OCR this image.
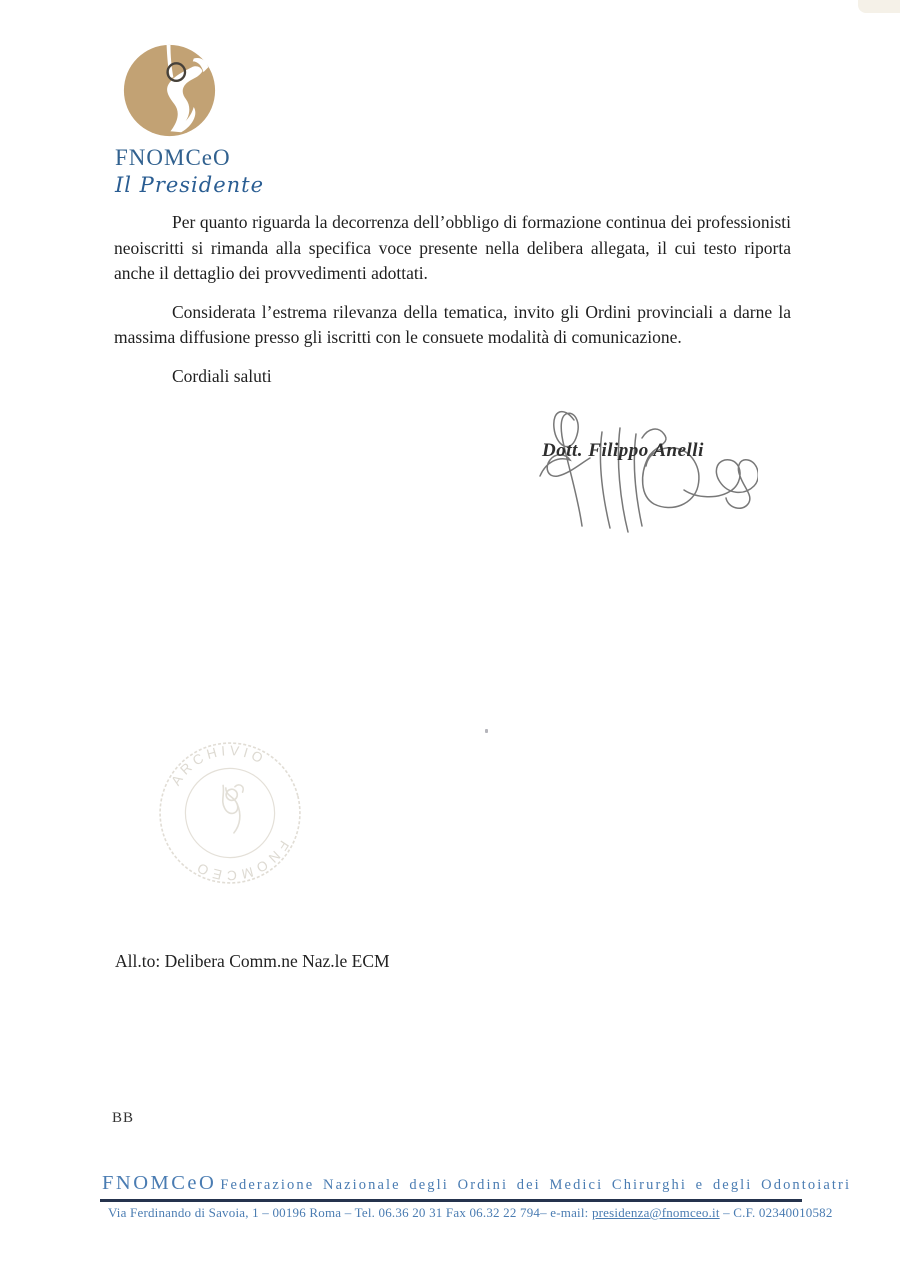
FNOMCeO
Il Presidente

Per quanto riguarda la decorrenza dell’obbligo di formazione continua dei professionisti neoiscritti si rimanda alla specifica voce presente nella delibera allegata, il cui testo riporta anche il dettaglio dei provvedimenti adottati.

Considerata l’estrema rilevanza della tematica, invito gli Ordini provinciali a darne la massima diffusione presso gli iscritti con le consuete modalità di comunicazione.

Cordiali saluti

Dott. Filippo Anelli
ARCHIVIO
FNOMCEO
All.to: Delibera Comm.ne Naz.le ECM
BB
FNOMCeO Federazione Nazionale degli Ordini dei Medici Chirurghi e degli Odontoiatri
Via Ferdinando di Savoia, 1 – 00196 Roma – Tel. 06.36 20 31 Fax 06.32 22 794– e-mail: presidenza@fnomceo.it – C.F. 02340010582
